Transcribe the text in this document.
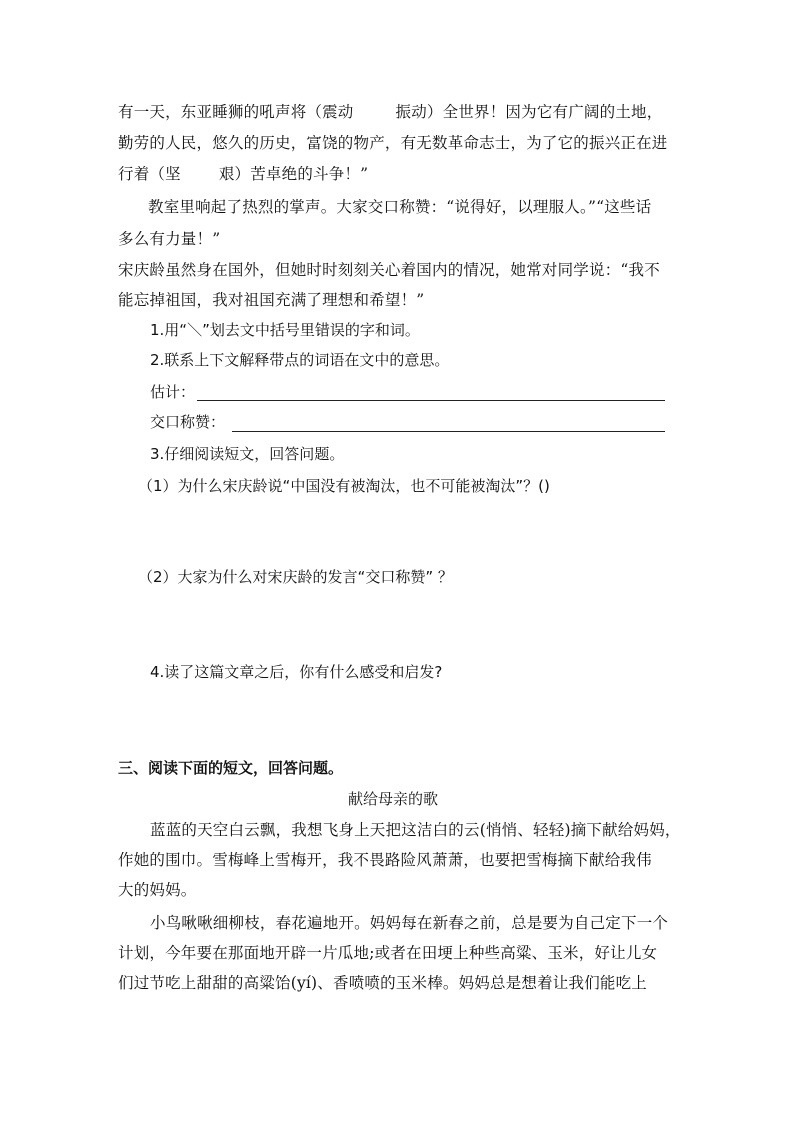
有一天，东亚睡狮的吼声将（震动	振动）全世界！因为它有广阔的土地，
勤劳的人民，悠久的历史，富饶的物产，有无数革命志士，为了它的振兴正在进
行着（坚 艰）苦卓绝的斗争！”
教室里响起了热烈的掌声。大家交口称赞：“说得好，以理服人。”“这些话
多么有力量！”
宋庆龄虽然身在国外，但她时时刻刻关心着国内的情况，她常对同学说：“我不
能忘掉祖国，我对祖国充满了理想和希望！”
1.用“＼”划去文中括号里错误的字和词。
2.联系上下文解释带点的词语在文中的意思。
估计：
交口称赞：
3.仔细阅读短文，回答问题。
（1）为什么宋庆龄说“中国没有被淘汰，也不可能被淘汰”？()
（2）大家为什么对宋庆龄的发言“交口称赞” ？
4.读了这篇文章之后，你有什么感受和启发?
三、阅读下面的短文，回答问题。
献给母亲的歌
蓝蓝的天空白云飘，我想飞身上天把这洁白的云(悄悄、轻轻)摘下献给妈妈，
作她的围巾。雪梅峰上雪梅开，我不畏路险风萧萧，也要把雪梅摘下献给我伟
大的妈妈。
小鸟啾啾细柳枝，春花遍地开。妈妈每在新春之前，总是要为自己定下一个
计划，今年要在那面地开辟一片瓜地;或者在田埂上种些高粱、玉米，好让儿女
们过节吃上甜甜的高粱饴(yí)、香喷喷的玉米棒。妈妈总是想着让我们能吃上
